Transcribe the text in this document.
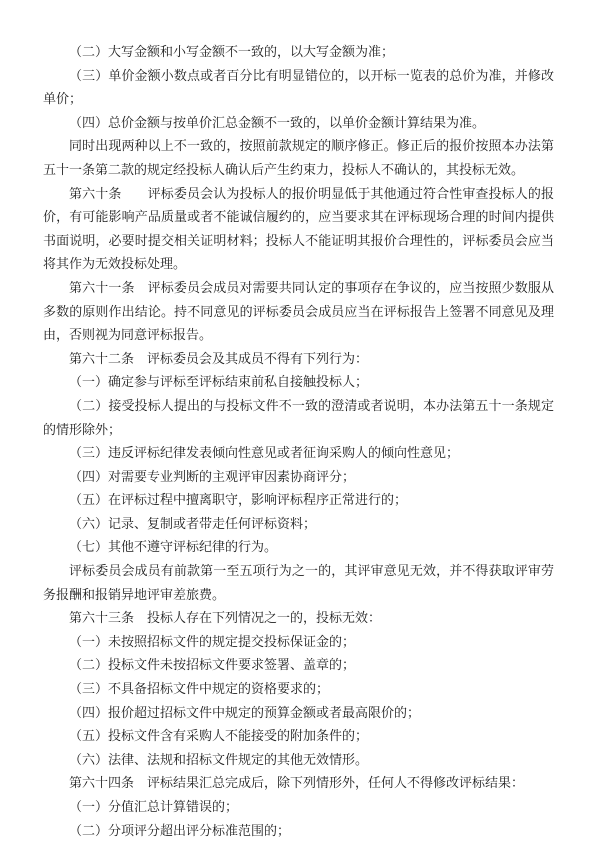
（二）大写金额和小写金额不一致的，以大写金额为准；

（三）单价金额小数点或者百分比有明显错位的，以开标一览表的总价为准，并修改单价；

（四）总价金额与按单价汇总金额不一致的，以单价金额计算结果为准。

同时出现两种以上不一致的，按照前款规定的顺序修正。修正后的报价按照本办法第五十一条第二款的规定经投标人确认后产生约束力，投标人不确认的，其投标无效。

第六十条　　评标委员会认为投标人的报价明显低于其他通过符合性审查投标人的报价，有可能影响产品质量或者不能诚信履约的，应当要求其在评标现场合理的时间内提供书面说明，必要时提交相关证明材料；投标人不能证明其报价合理性的，评标委员会应当将其作为无效投标处理。

第六十一条　评标委员会成员对需要共同认定的事项存在争议的，应当按照少数服从多数的原则作出结论。持不同意见的评标委员会成员应当在评标报告上签署不同意见及理由，否则视为同意评标报告。

第六十二条　评标委员会及其成员不得有下列行为：

（一）确定参与评标至评标结束前私自接触投标人；

（二）接受投标人提出的与投标文件不一致的澄清或者说明，本办法第五十一条规定的情形除外；

（三）违反评标纪律发表倾向性意见或者征询采购人的倾向性意见；

（四）对需要专业判断的主观评审因素协商评分；

（五）在评标过程中擅离职守，影响评标程序正常进行的；

（六）记录、复制或者带走任何评标资料；

（七）其他不遵守评标纪律的行为。

评标委员会成员有前款第一至五项行为之一的，其评审意见无效，并不得获取评审劳务报酬和报销异地评审差旅费。

第六十三条　投标人存在下列情况之一的，投标无效：

（一）未按照招标文件的规定提交投标保证金的；

（二）投标文件未按招标文件要求签署、盖章的；

（三）不具备招标文件中规定的资格要求的；

（四）报价超过招标文件中规定的预算金额或者最高限价的；

（五）投标文件含有采购人不能接受的附加条件的；

（六）法律、法规和招标文件规定的其他无效情形。

第六十四条　评标结果汇总完成后，除下列情形外，任何人不得修改评标结果：

（一）分值汇总计算错误的；

（二）分项评分超出评分标准范围的；
